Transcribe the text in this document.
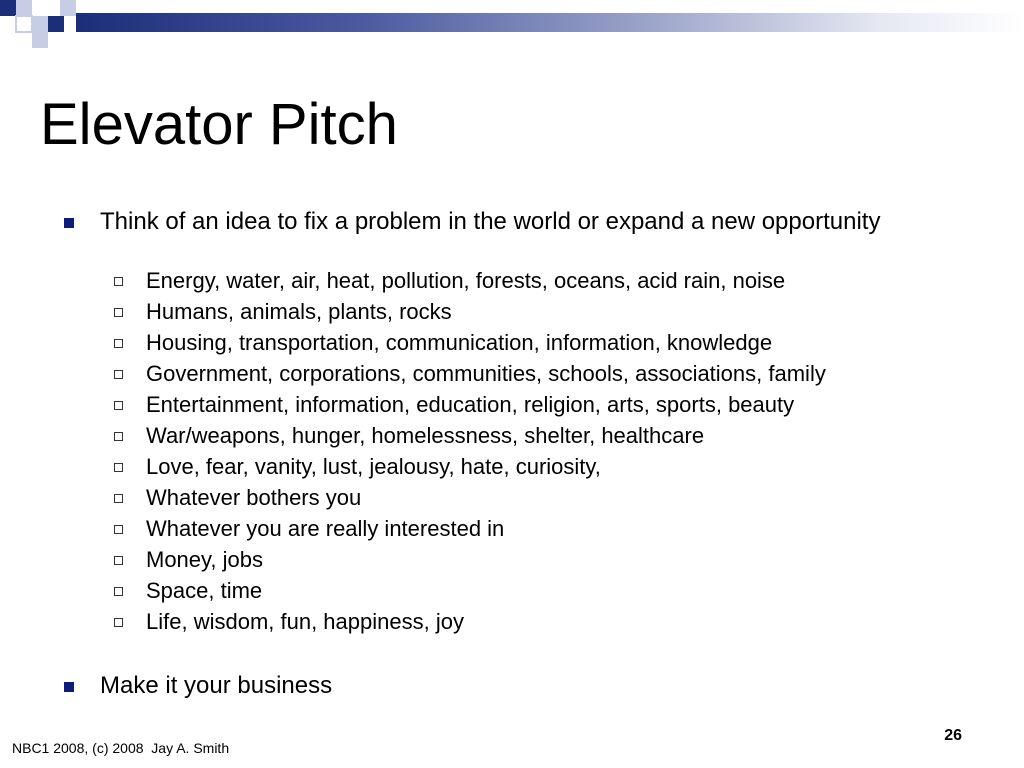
Elevator Pitch
Think of an idea to fix a problem in the world or expand a new opportunity
Energy, water, air, heat, pollution, forests, oceans, acid rain, noise
Humans, animals, plants, rocks
Housing, transportation, communication, information, knowledge
Government, corporations, communities, schools, associations, family
Entertainment, information, education, religion, arts, sports, beauty
War/weapons, hunger, homelessness, shelter, healthcare
Love, fear, vanity, lust, jealousy, hate, curiosity,
Whatever bothers you
Whatever you are really interested in
Money, jobs
Space, time
Life, wisdom, fun, happiness, joy
Make it your business
NBC1 2008, (c) 2008  Jay A. Smith
26
